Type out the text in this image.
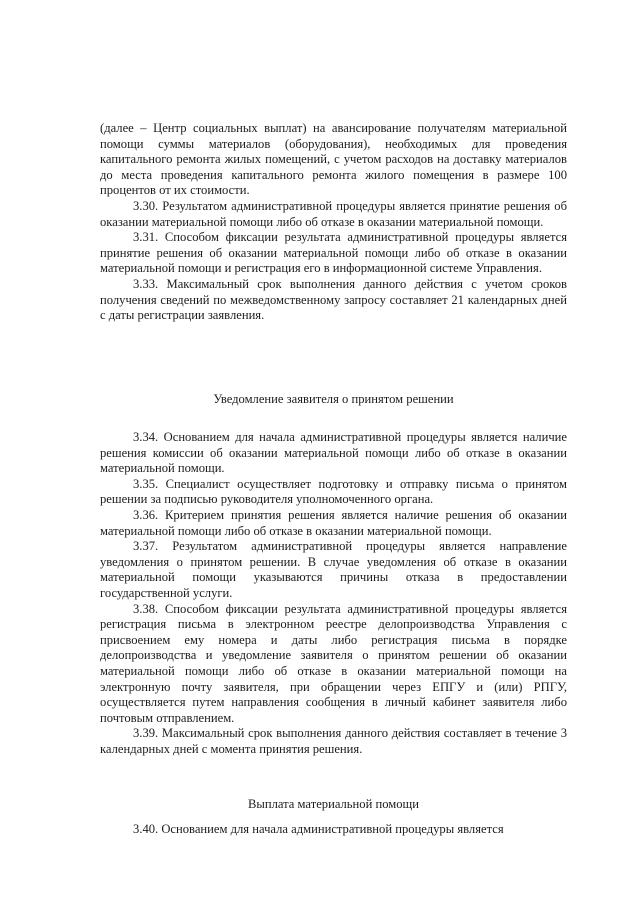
(далее – Центр социальных выплат) на авансирование получателям материальной помощи суммы материалов (оборудования), необходимых для проведения капитального ремонта жилых помещений, с учетом расходов на доставку материалов до места проведения капитального ремонта жилого помещения в размере 100 процентов от их стоимости.

3.30. Результатом административной процедуры является принятие решения об оказании материальной помощи либо об отказе в оказании материальной помощи.

3.31. Способом фиксации результата административной процедуры является принятие решения об оказании материальной помощи либо об отказе в оказании материальной помощи и регистрация его в информационной системе Управления.

3.33. Максимальный срок выполнения данного действия с учетом сроков получения сведений по межведомственному запросу составляет 21 календарных дней с даты регистрации заявления.

Уведомление заявителя о принятом решении

3.34. Основанием для начала административной процедуры является наличие решения комиссии об оказании материальной помощи либо об отказе в оказании материальной помощи.

3.35. Специалист осуществляет подготовку и отправку письма о принятом решении за подписью руководителя уполномоченного органа.

3.36. Критерием принятия решения является наличие решения об оказании материальной помощи либо об отказе в оказании материальной помощи.

3.37. Результатом административной процедуры является направление уведомления о принятом решении. В случае уведомления об отказе в оказании материальной помощи указываются причины отказа в предоставлении государственной услуги.

3.38. Способом фиксации результата административной процедуры является регистрация письма в электронном реестре делопроизводства Управления с присвоением ему номера и даты либо регистрация письма в порядке делопроизводства и уведомление заявителя о принятом решении об оказании материальной помощи либо об отказе в оказании материальной помощи на электронную почту заявителя, при обращении через ЕПГУ и (или) РПГУ, осуществляется путем направления сообщения в личный кабинет заявителя либо почтовым отправлением.

3.39. Максимальный срок выполнения данного действия составляет в течение 3 календарных дней с момента принятия решения.

Выплата материальной помощи

3.40. Основанием для начала административной процедуры является
